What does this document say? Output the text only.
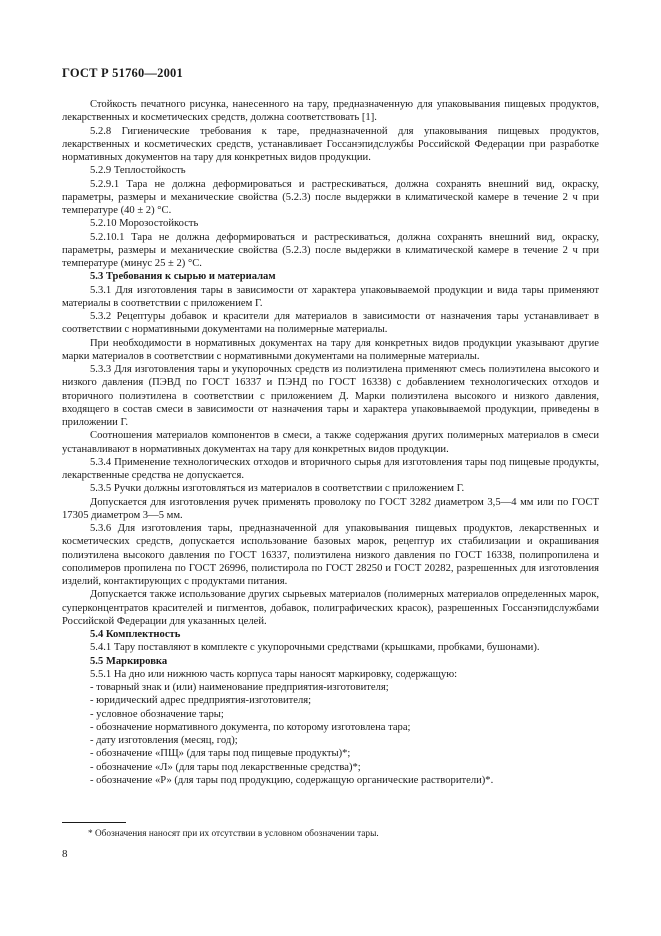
ГОСТ Р 51760—2001

Стойкость печатного рисунка, нанесенного на тару, предназначенную для упаковывания пищевых продуктов, лекарственных и косметических средств, должна соответствовать [1].

5.2.8 Гигиенические требования к таре, предназначенной для упаковывания пищевых продуктов, лекарственных и косметических средств, устанавливает Госсанэпидслужбы Российской Федерации при разработке нормативных документов на тару для конкретных видов продукции.

5.2.9 Теплостойкость

5.2.9.1 Тара не должна деформироваться и растрескиваться, должна сохранять внешний вид, окраску, параметры, размеры и механические свойства (5.2.3) после выдержки в климатической камере в течение 2 ч при температуре (40 ± 2) °С.

5.2.10 Морозостойкость

5.2.10.1 Тара не должна деформироваться и растрескиваться, должна сохранять внешний вид, окраску, параметры, размеры и механические свойства (5.2.3) после выдержки в климатической камере в течение 2 ч при температуре (минус 25 ± 2) °С.

5.3 Требования к сырью и материалам

5.3.1 Для изготовления тары в зависимости от характера упаковываемой продукции и вида тары применяют материалы в соответствии с приложением Г.

5.3.2 Рецептуры добавок и красители для материалов в зависимости от назначения тары устанавливает в соответствии с нормативными документами на полимерные материалы.

При необходимости в нормативных документах на тару для конкретных видов продукции указывают другие марки материалов в соответствии с нормативными документами на полимерные материалы.

5.3.3 Для изготовления тары и укупорочных средств из полиэтилена применяют смесь полиэтилена высокого и низкого давления (ПЭВД по ГОСТ 16337 и ПЭНД по ГОСТ 16338) с добавлением технологических отходов и вторичного полиэтилена в соответствии с приложением Д. Марки полиэтилена высокого и низкого давления, входящего в состав смеси в зависимости от назначения тары и характера упаковываемой продукции, приведены в приложении Г.

Соотношения материалов компонентов в смеси, а также содержания других полимерных материалов в смеси устанавливают в нормативных документах на тару для конкретных видов продукции.

5.3.4 Применение технологических отходов и вторичного сырья для изготовления тары под пищевые продукты, лекарственные средства не допускается.

5.3.5 Ручки должны изготовляться из материалов в соответствии с приложением Г.

Допускается для изготовления ручек применять проволоку по ГОСТ 3282 диаметром 3,5—4 мм или по ГОСТ 17305 диаметром 3—5 мм.

5.3.6 Для изготовления тары, предназначенной для упаковывания пищевых продуктов, лекарственных и косметических средств, допускается использование базовых марок, рецептур их стабилизации и окрашивания полиэтилена высокого давления по ГОСТ 16337, полиэтилена низкого давления по ГОСТ 16338, полипропилена и сополимеров пропилена по ГОСТ 26996, полистирола по ГОСТ 28250 и ГОСТ 20282, разрешенных для изготовления изделий, контактирующих с продуктами питания.

Допускается также использование других сырьевых материалов (полимерных материалов определенных марок, суперконцентратов красителей и пигментов, добавок, полиграфических красок), разрешенных Госсанэпидслужбами Российской Федерации для указанных целей.

5.4 Комплектность

5.4.1 Тару поставляют в комплекте с укупорочными средствами (крышками, пробками, бушонами).

5.5 Маркировка

5.5.1 На дно или нижнюю часть корпуса тары наносят маркировку, содержащую:

- товарный знак и (или) наименование предприятия-изготовителя;

- юридический адрес предприятия-изготовителя;

- условное обозначение тары;

- обозначение нормативного документа, по которому изготовлена тара;

- дату изготовления (месяц, год);

- обозначение «ПЩ» (для тары под пищевые продукты)*;

- обозначение «Л» (для тары под лекарственные средства)*;

- обозначение «Р» (для тары под продукцию, содержащую органические растворители)*.

* Обозначения наносят при их отсутствии в условном обозначении тары.
8
